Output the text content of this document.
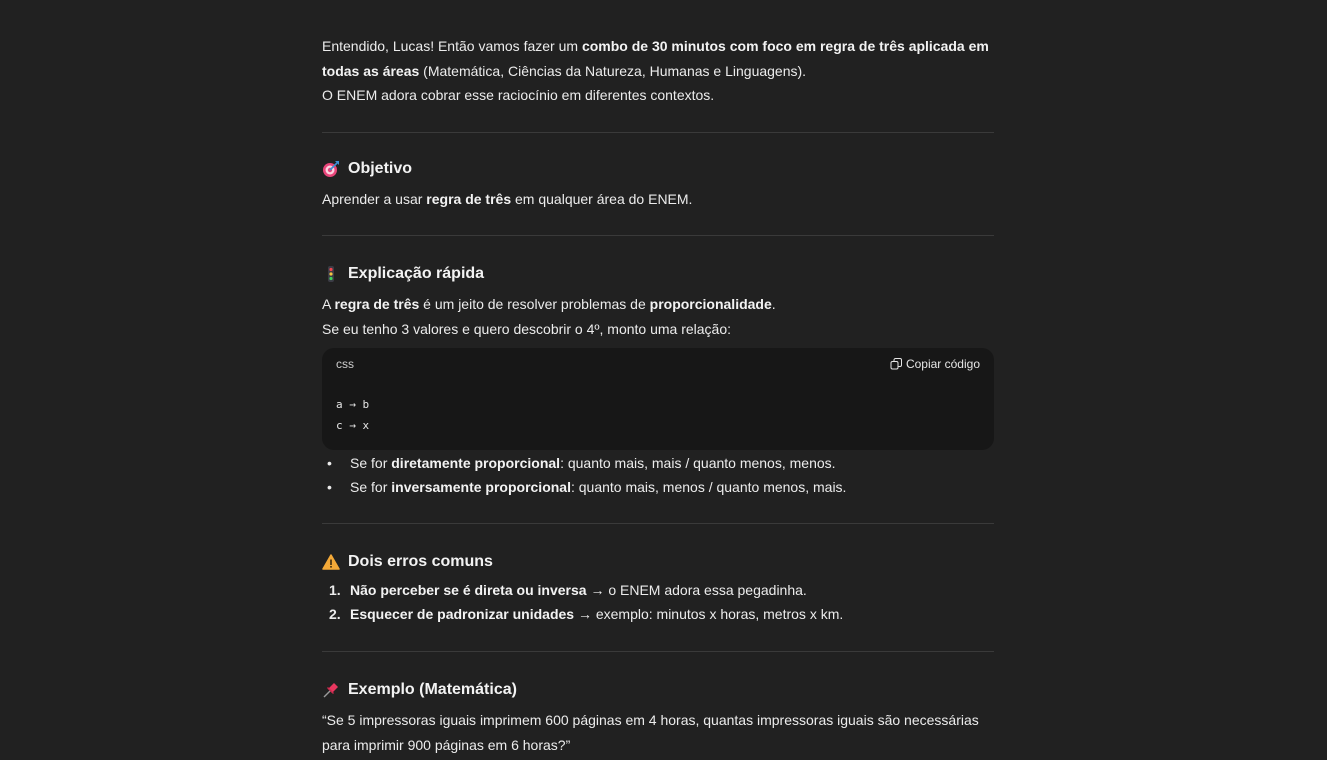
Entendido, Lucas! Então vamos fazer um combo de 30 minutos com foco em regra de três aplicada em todas as áreas (Matemática, Ciências da Natureza, Humanas e Linguagens).
O ENEM adora cobrar esse raciocínio em diferentes contextos.

Objetivo

Aprender a usar regra de três em qualquer área do ENEM.

Explicação rápida

A regra de três é um jeito de resolver problemas de proporcionalidade.

Se eu tenho 3 valores e quero descobrir o 4º, monto uma relação:

css	Copiar código
a → b
c → x
• Se for diretamente proporcional: quanto mais, mais / quanto menos, menos.
• Se for inversamente proporcional: quanto mais, menos / quanto menos, mais.
Dois erros comuns
1. Não perceber se é direta ou inversa → o ENEM adora essa pegadinha.
2. Esquecer de padronizar unidades → exemplo: minutos x horas, metros x km.
Exemplo (Matemática)

“Se 5 impressoras iguais imprimem 600 páginas em 4 horas, quantas impressoras iguais são necessárias para imprimir 900 páginas em 6 horas?”
